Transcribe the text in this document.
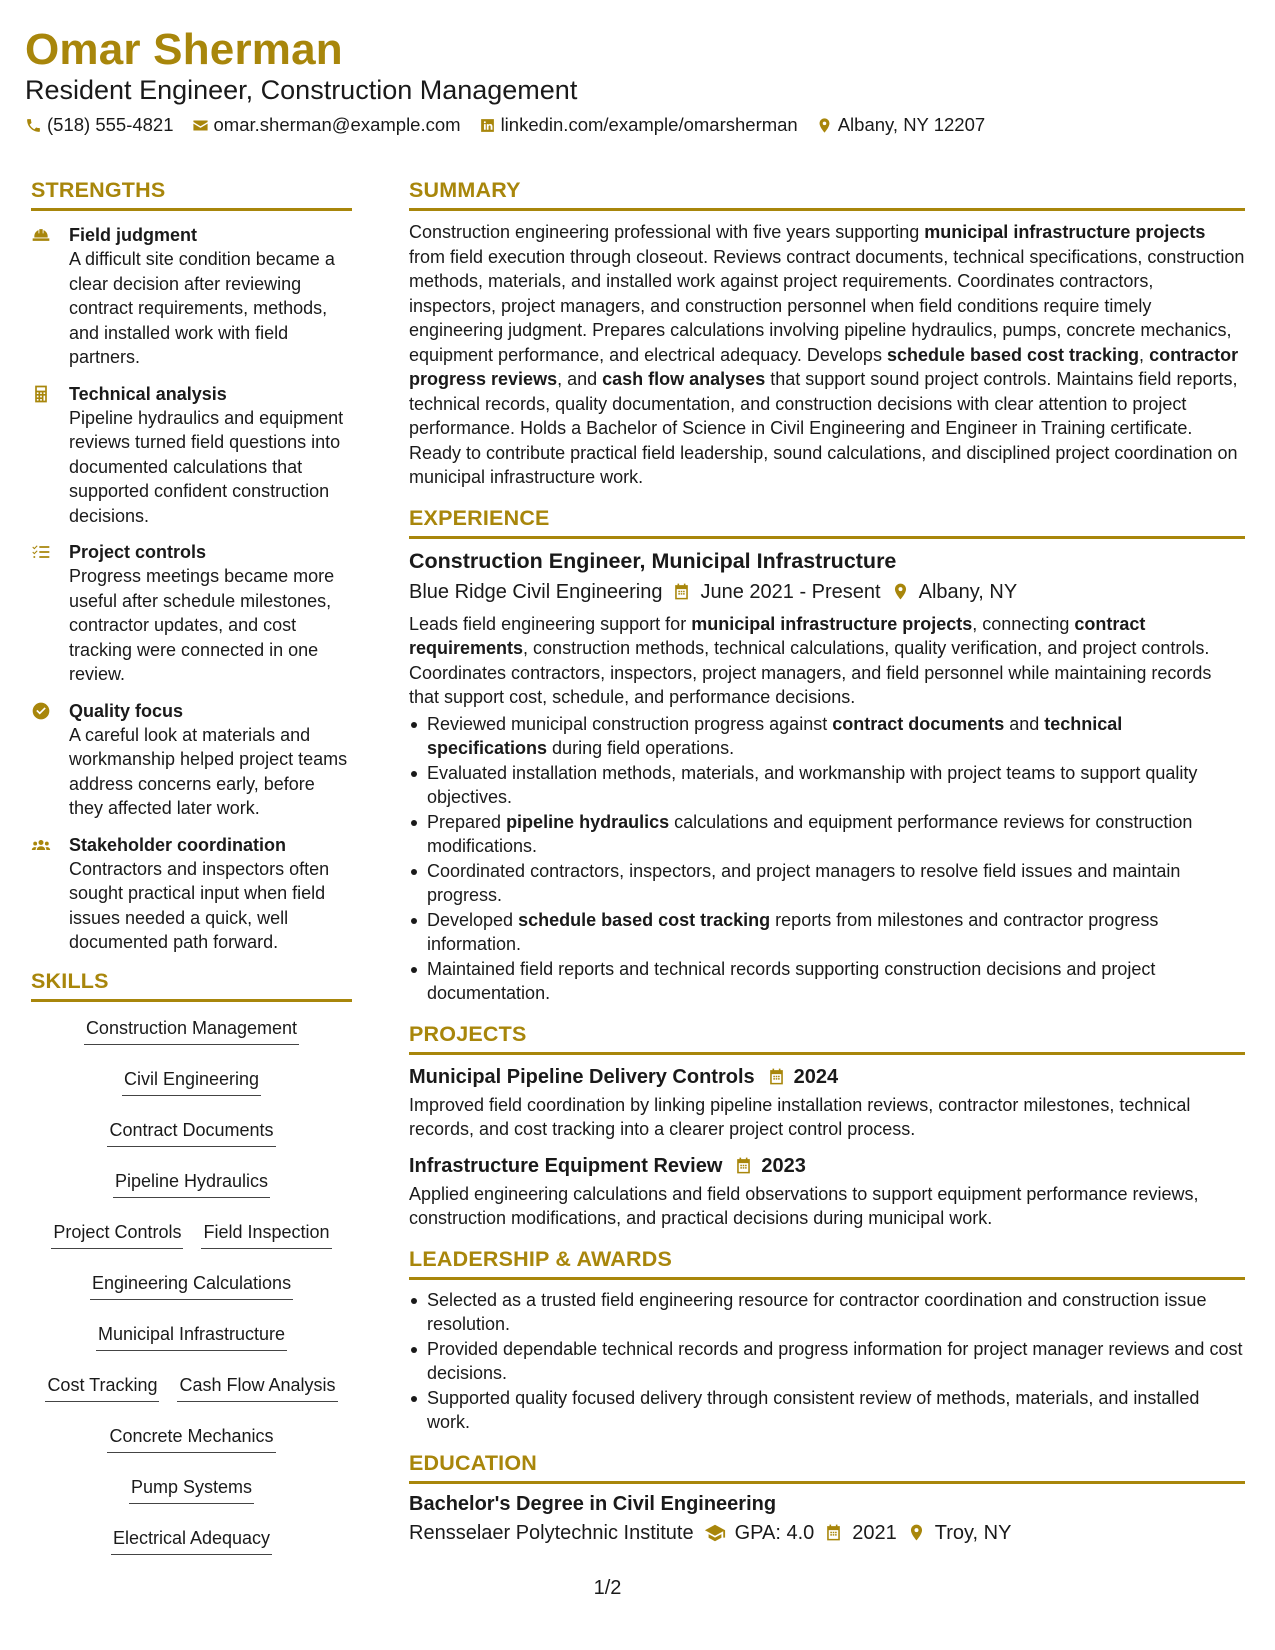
Omar Sherman
Resident Engineer, Construction Management
(518) 555-4821 omar.sherman@example.com linkedin.com/example/omarsherman Albany, NY 12207
STRENGTHS
Field judgment
A difficult site condition became a clear decision after reviewing contract requirements, methods, and installed work with field partners.
Technical analysis
Pipeline hydraulics and equipment reviews turned field questions into documented calculations that supported confident construction decisions.
Project controls
Progress meetings became more useful after schedule milestones, contractor updates, and cost tracking were connected in one review.
Quality focus
A careful look at materials and workmanship helped project teams address concerns early, before they affected later work.
Stakeholder coordination
Contractors and inspectors often sought practical input when field issues needed a quick, well documented path forward.
SKILLS
Construction Management
Civil Engineering
Contract Documents
Pipeline Hydraulics
Project Controls Field Inspection
Engineering Calculations
Municipal Infrastructure
Cost Tracking Cash Flow Analysis
Concrete Mechanics
Pump Systems
Electrical Adequacy
SUMMARY
Construction engineering professional with five years supporting municipal infrastructure projects from field execution through closeout. Reviews contract documents, technical specifications, construction methods, materials, and installed work against project requirements. Coordinates contractors, inspectors, project managers, and construction personnel when field conditions require timely engineering judgment. Prepares calculations involving pipeline hydraulics, pumps, concrete mechanics, equipment performance, and electrical adequacy. Develops schedule based cost tracking, contractor progress reviews, and cash flow analyses that support sound project controls. Maintains field reports, technical records, quality documentation, and construction decisions with clear attention to project performance. Holds a Bachelor of Science in Civil Engineering and Engineer in Training certificate. Ready to contribute practical field leadership, sound calculations, and disciplined project coordination on municipal infrastructure work.
EXPERIENCE
Construction Engineer, Municipal Infrastructure
Blue Ridge Civil Engineering June 2021 - Present Albany, NY
Leads field engineering support for municipal infrastructure projects, connecting contract requirements, construction methods, technical calculations, quality verification, and project controls. Coordinates contractors, inspectors, project managers, and field personnel while maintaining records that support cost, schedule, and performance decisions.
Reviewed municipal construction progress against contract documents and technical specifications during field operations.
Evaluated installation methods, materials, and workmanship with project teams to support quality objectives.
Prepared pipeline hydraulics calculations and equipment performance reviews for construction modifications.
Coordinated contractors, inspectors, and project managers to resolve field issues and maintain progress.
Developed schedule based cost tracking reports from milestones and contractor progress information.
Maintained field reports and technical records supporting construction decisions and project documentation.
PROJECTS
Municipal Pipeline Delivery Controls 2024
Improved field coordination by linking pipeline installation reviews, contractor milestones, technical records, and cost tracking into a clearer project control process.
Infrastructure Equipment Review 2023
Applied engineering calculations and field observations to support equipment performance reviews, construction modifications, and practical decisions during municipal work.
LEADERSHIP & AWARDS
Selected as a trusted field engineering resource for contractor coordination and construction issue resolution.
Provided dependable technical records and progress information for project manager reviews and cost decisions.
Supported quality focused delivery through consistent review of methods, materials, and installed work.
EDUCATION
Bachelor's Degree in Civil Engineering
Rensselaer Polytechnic Institute GPA: 4.0 2021 Troy, NY
1/2
